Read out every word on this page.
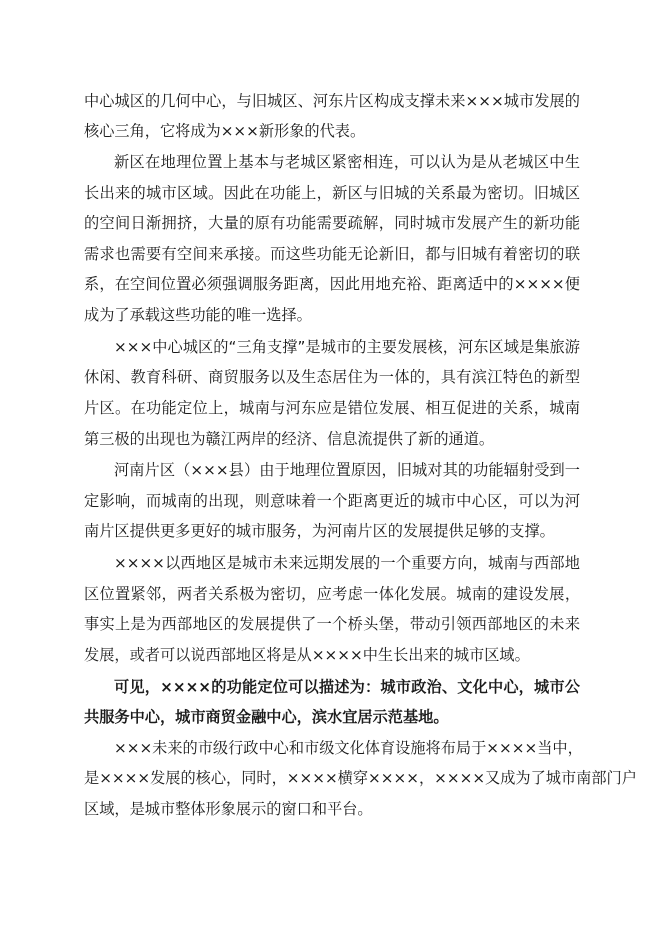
中心城区的几何中心，与旧城区、河东片区构成支撑未来×××城市发展的
核心三角，它将成为×××新形象的代表。
新区在地理位置上基本与老城区紧密相连，可以认为是从老城区中生
长出来的城市区域。因此在功能上，新区与旧城的关系最为密切。旧城区
的空间日渐拥挤，大量的原有功能需要疏解，同时城市发展产生的新功能
需求也需要有空间来承接。而这些功能无论新旧，都与旧城有着密切的联
系，在空间位置必须强调服务距离，因此用地充裕、距离适中的××××便
成为了承载这些功能的唯一选择。
×××中心城区的“三角支撑”是城市的主要发展核，河东区域是集旅游
休闲、教育科研、商贸服务以及生态居住为一体的，具有滨江特色的新型
片区。在功能定位上，城南与河东应是错位发展、相互促进的关系，城南
第三极的出现也为赣江两岸的经济、信息流提供了新的通道。
河南片区（×××县）由于地理位置原因，旧城对其的功能辐射受到一
定影响，而城南的出现，则意味着一个距离更近的城市中心区，可以为河
南片区提供更多更好的城市服务，为河南片区的发展提供足够的支撑。
××××以西地区是城市未来远期发展的一个重要方向，城南与西部地
区位置紧邻，两者关系极为密切，应考虑一体化发展。城南的建设发展，
事实上是为西部地区的发展提供了一个桥头堡，带动引领西部地区的未来
发展，或者可以说西部地区将是从××××中生长出来的城市区域。
可见，××××的功能定位可以描述为：城市政治、文化中心，城市公
共服务中心，城市商贸金融中心，滨水宜居示范基地。
×××未来的市级行政中心和市级文化体育设施将布局于××××当中，
是××××发展的核心，同时，××××横穿××××，××××又成为了城市南部门户
区域，是城市整体形象展示的窗口和平台。
